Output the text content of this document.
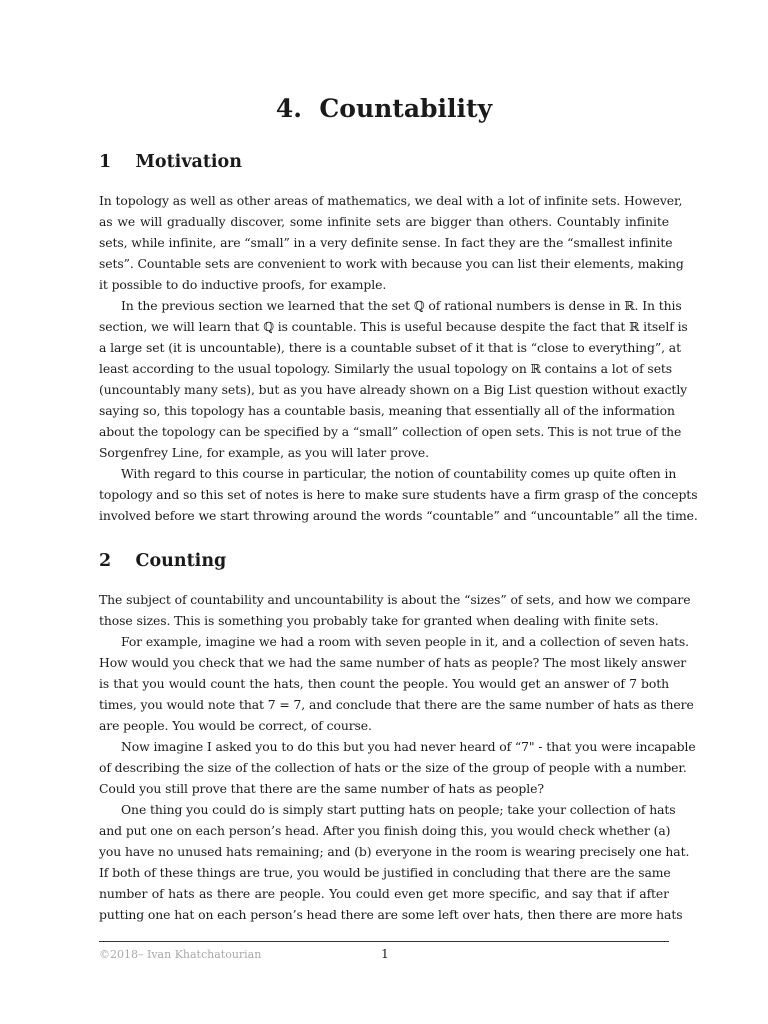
4.  Countability
1    Motivation
In topology as well as other areas of mathematics, we deal with a lot of infinite sets. However,
as we will gradually discover, some infinite sets are bigger than others. Countably infinite
sets, while infinite, are “small” in a very definite sense. In fact they are the “smallest infinite
sets”. Countable sets are convenient to work with because you can list their elements, making
it possible to do inductive proofs, for example.
In the previous section we learned that the set ℚ of rational numbers is dense in ℝ. In this
section, we will learn that ℚ is countable. This is useful because despite the fact that ℝ itself is
a large set (it is uncountable), there is a countable subset of it that is “close to everything”, at
least according to the usual topology. Similarly the usual topology on ℝ contains a lot of sets
(uncountably many sets), but as you have already shown on a Big List question without exactly
saying so, this topology has a countable basis, meaning that essentially all of the information
about the topology can be specified by a “small” collection of open sets. This is not true of the
Sorgenfrey Line, for example, as you will later prove.
With regard to this course in particular, the notion of countability comes up quite often in
topology and so this set of notes is here to make sure students have a firm grasp of the concepts
involved before we start throwing around the words “countable” and “uncountable” all the time.
2    Counting
The subject of countability and uncountability is about the “sizes” of sets, and how we compare
those sizes. This is something you probably take for granted when dealing with finite sets.
For example, imagine we had a room with seven people in it, and a collection of seven hats.
How would you check that we had the same number of hats as people? The most likely answer
is that you would count the hats, then count the people. You would get an answer of 7 both
times, you would note that 7 = 7, and conclude that there are the same number of hats as there
are people. You would be correct, of course.
Now imagine I asked you to do this but you had never heard of “7" - that you were incapable
of describing the size of the collection of hats or the size of the group of people with a number.
Could you still prove that there are the same number of hats as people?
One thing you could do is simply start putting hats on people; take your collection of hats
and put one on each person’s head. After you finish doing this, you would check whether (a)
you have no unused hats remaining; and (b) everyone in the room is wearing precisely one hat.
If both of these things are true, you would be justified in concluding that there are the same
number of hats as there are people. You could even get more specific, and say that if after
putting one hat on each person’s head there are some left over hats, then there are more hats
©2018– Ivan Khatchatourian	1
